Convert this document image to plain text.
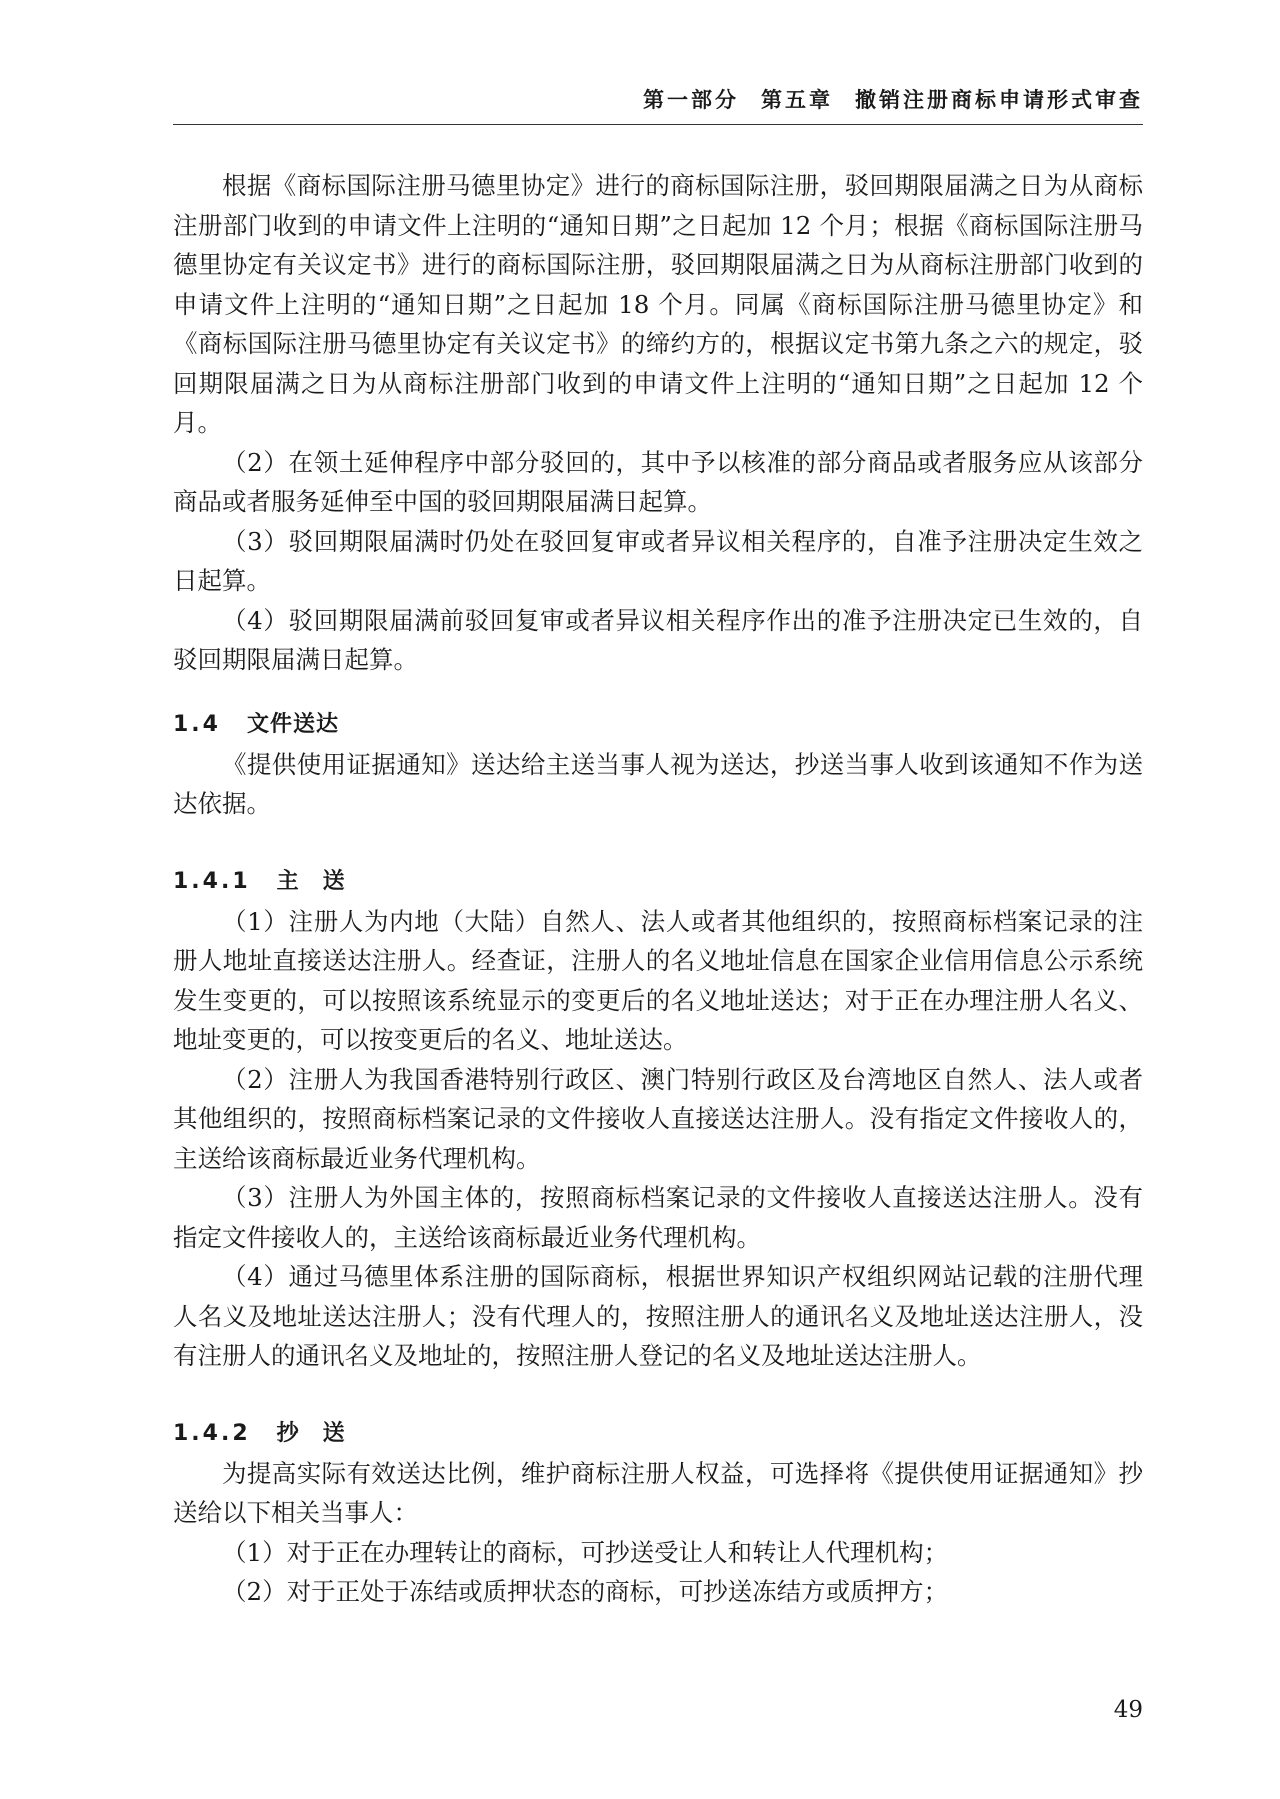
第一部分 第五章 撤销注册商标申请形式审查

根据《商标国际注册马德里协定》进行的商标国际注册，驳回期限届满之日为从商标注册部门收到的申请文件上注明的“通知日期”之日起加 12 个月；根据《商标国际注册马德里协定有关议定书》进行的商标国际注册，驳回期限届满之日为从商标注册部门收到的申请文件上注明的“通知日期”之日起加 18 个月。同属《商标国际注册马德里协定》和《商标国际注册马德里协定有关议定书》的缔约方的，根据议定书第九条之六的规定，驳回期限届满之日为从商标注册部门收到的申请文件上注明的“通知日期”之日起加 12 个月。

（2）在领土延伸程序中部分驳回的，其中予以核准的部分商品或者服务应从该部分商品或者服务延伸至中国的驳回期限届满日起算。

（3）驳回期限届满时仍处在驳回复审或者异议相关程序的，自准予注册决定生效之日起算。

（4）驳回期限届满前驳回复审或者异议相关程序作出的准予注册决定已生效的，自驳回期限届满日起算。

1.4 文件送达

《提供使用证据通知》送达给主送当事人视为送达，抄送当事人收到该通知不作为送达依据。

1.4.1 主　送

（1）注册人为内地（大陆）自然人、法人或者其他组织的，按照商标档案记录的注册人地址直接送达注册人。经查证，注册人的名义地址信息在国家企业信用信息公示系统发生变更的，可以按照该系统显示的变更后的名义地址送达；对于正在办理注册人名义、地址变更的，可以按变更后的名义、地址送达。

（2）注册人为我国香港特别行政区、澳门特别行政区及台湾地区自然人、法人或者其他组织的，按照商标档案记录的文件接收人直接送达注册人。没有指定文件接收人的，主送给该商标最近业务代理机构。

（3）注册人为外国主体的，按照商标档案记录的文件接收人直接送达注册人。没有指定文件接收人的，主送给该商标最近业务代理机构。

（4）通过马德里体系注册的国际商标，根据世界知识产权组织网站记载的注册代理人名义及地址送达注册人；没有代理人的，按照注册人的通讯名义及地址送达注册人，没有注册人的通讯名义及地址的，按照注册人登记的名义及地址送达注册人。

1.4.2 抄　送

为提高实际有效送达比例，维护商标注册人权益，可选择将《提供使用证据通知》抄送给以下相关当事人：

（1）对于正在办理转让的商标，可抄送受让人和转让人代理机构；

（2）对于正处于冻结或质押状态的商标，可抄送冻结方或质押方；

49
